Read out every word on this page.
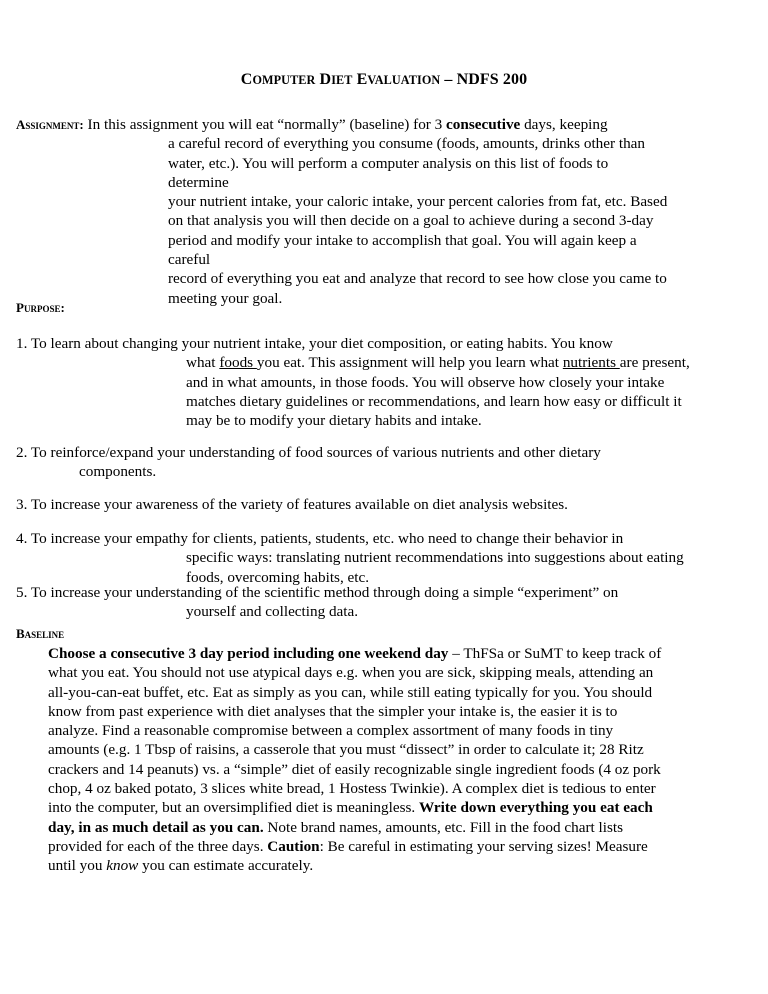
COMPUTER DIET EVALUATION – NDFS 200

Assignment: In this assignment you will eat “normally” (baseline) for 3 consecutive days, keeping

a careful record of everything you consume (foods, amounts, drinks other than

water, etc.). You will perform a computer analysis on this list of foods to determine

your nutrient intake, your caloric intake, your percent calories from fat, etc. Based

on that analysis you will then decide on a goal to achieve during a second 3-day

period and modify your intake to accomplish that goal. You will again keep a careful

record of everything you eat and analyze that record to see how close you came to

meeting your goal.

Purpose:
1. To learn about changing your nutrient intake, your diet composition, or eating habits. You know
what foods you eat. This assignment will help you learn what nutrients are present,
and in what amounts, in those foods. You will observe how closely your intake
matches dietary guidelines or recommendations, and learn how easy or difficult it
may be to modify your dietary habits and intake.
2. To reinforce/expand your understanding of food sources of various nutrients and other dietary
components.
3. To increase your awareness of the variety of features available on diet analysis websites.
4. To increase your empathy for clients, patients, students, etc. who need to change their behavior in
specific ways: translating nutrient recommendations into suggestions about eating
foods, overcoming habits, etc.
5. To increase your understanding of the scientific method through doing a simple “experiment” on
yourself and collecting data.
Baseline
Choose a consecutive 3 day period including one weekend day – ThFSa or SuMT to keep track of what you eat. You should not use atypical days e.g. when you are sick, skipping meals, attending an all-you-can-eat buffet, etc. Eat as simply as you can, while still eating typically for you. You should know from past experience with diet analyses that the simpler your intake is, the easier it is to analyze. Find a reasonable compromise between a complex assortment of many foods in tiny amounts (e.g. 1 Tbsp of raisins, a casserole that you must “dissect” in order to calculate it; 28 Ritz crackers and 14 peanuts) vs. a “simple” diet of easily recognizable single ingredient foods (4 oz pork chop, 4 oz baked potato, 3 slices white bread, 1 Hostess Twinkie). A complex diet is tedious to enter into the computer, but an oversimplified diet is meaningless. Write down everything you eat each day, in as much detail as you can. Note brand names, amounts, etc. Fill in the food chart lists provided for each of the three days. Caution: Be careful in estimating your serving sizes! Measure until you know you can estimate accurately.
